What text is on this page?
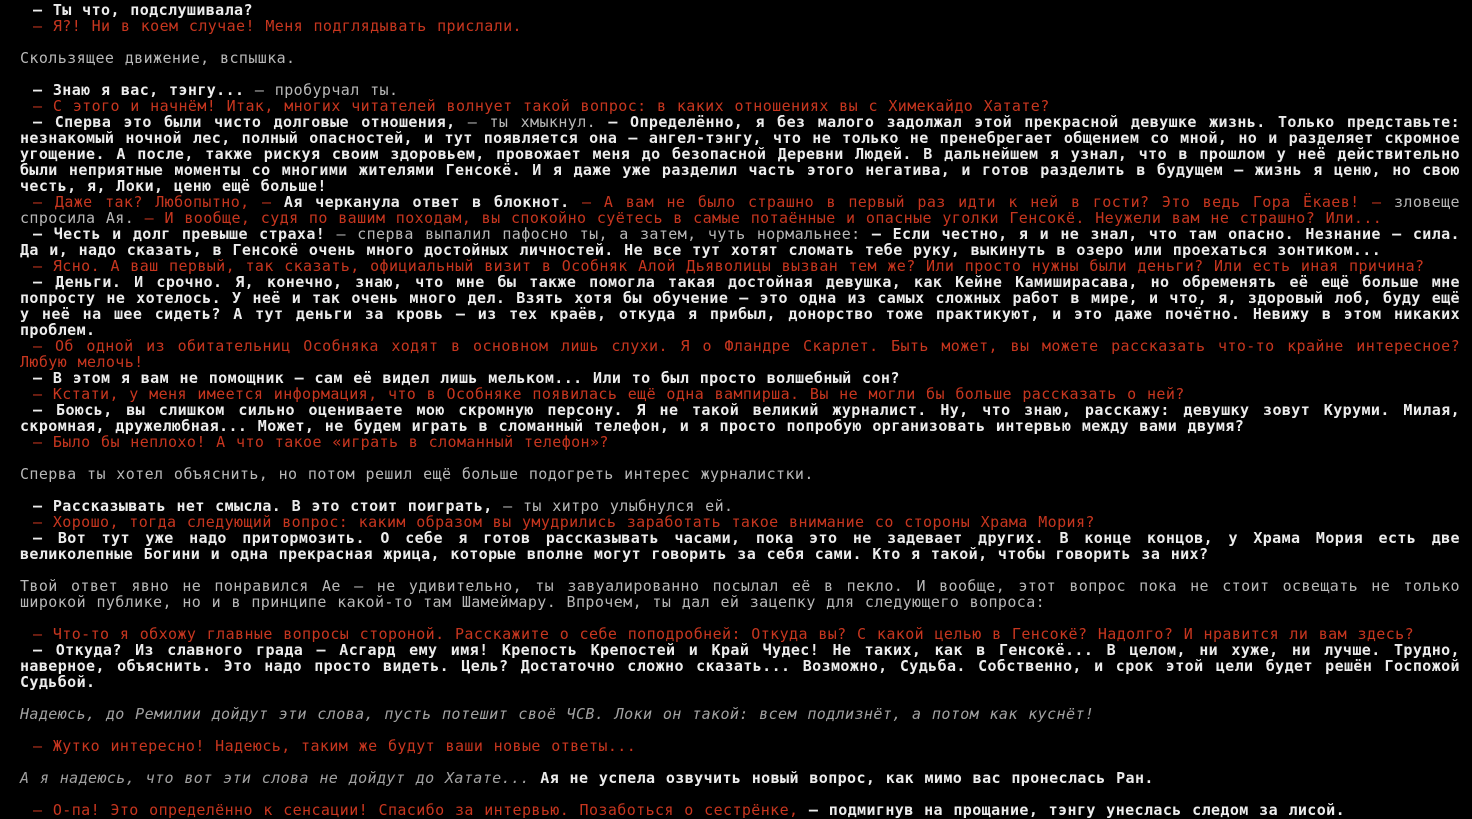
— Ты что, подслушивала?

— Я?! Ни в коем случае! Меня подглядывать прислали.

Скользящее движение, вспышка.

— Знаю я вас, тэнгу... — пробурчал ты.

— С этого и начнём! Итак, многих читателей волнует такой вопрос: в каких отношениях вы с Химекайдо Хатате?

— Сперва это были чисто долговые отношения, — ты хмыкнул. — Определённо, я без малого задолжал этой прекрасной девушке жизнь. Только представьте: незнакомый ночной лес, полный опасностей, и тут появляется она — ангел-тэнгу, что не только не пренебрегает общением со мной, но и разделяет скромное угощение. А после, также рискуя своим здоровьем, провожает меня до безопасной Деревни Людей. В дальнейшем я узнал, что в прошлом у неё действительно были неприятные моменты со многими жителями Генсокё. И я даже уже разделил часть этого негатива, и готов разделить в будущем — жизнь я ценю, но свою честь, я, Локи, ценю ещё больше!

— Даже так? Любопытно, — Ая черканула ответ в блокнот. — А вам не было страшно в первый раз идти к ней в гости? Это ведь Гора Ёкаев! — зловеще спросила Ая. — И вообще, судя по вашим походам, вы спокойно суётесь в самые потаённые и опасные уголки Генсокё. Неужели вам не страшно? Или...

— Честь и долг превыше страха! — сперва выпалил пафосно ты, а затем, чуть нормальнее: — Если честно, я и не знал, что там опасно. Незнание — сила. Да и, надо сказать, в Генсокё очень много достойных личностей. Не все тут хотят сломать тебе руку, выкинуть в озеро или проехаться зонтиком...

— Ясно. А ваш первый, так сказать, официальный визит в Особняк Алой Дьяволицы вызван тем же? Или просто нужны были деньги? Или есть иная причина?

— Деньги. И срочно. Я, конечно, знаю, что мне бы также помогла такая достойная девушка, как Кейне Камиширасава, но обременять её ещё больше мне попросту не хотелось. У неё и так очень много дел. Взять хотя бы обучение — это одна из самых сложных работ в мире, и что, я, здоровый лоб, буду ещё у неё на шее сидеть? А тут деньги за кровь — из тех краёв, откуда я прибыл, донорство тоже практикуют, и это даже почётно. Невижу в этом никаких проблем.

— Об одной из обитательниц Особняка ходят в основном лишь слухи. Я о Фландре Скарлет. Быть может, вы можете рассказать что-то крайне интересное? Любую мелочь!

— В этом я вам не помощник — сам её видел лишь мельком... Или то был просто волшебный сон?

— Кстати, у меня имеется информация, что в Особняке появилась ещё одна вампирша. Вы не могли бы больше рассказать о ней?

— Боюсь, вы слишком сильно оцениваете мою скромную персону. Я не такой великий журналист. Ну, что знаю, расскажу: девушку зовут Куруми. Милая, скромная, дружелюбная... Может, не будем играть в сломанный телефон, и я просто попробую организовать интервью между вами двумя?

— Было бы неплохо! А что такое «играть в сломанный телефон»?

Сперва ты хотел объяснить, но потом решил ещё больше подогреть интерес журналистки.

— Рассказывать нет смысла. В это стоит поиграть, — ты хитро улыбнулся ей.

— Хорошо, тогда следующий вопрос: каким образом вы умудрились заработать такое внимание со стороны Храма Мория?

— Вот тут уже надо притормозить. О себе я готов рассказывать часами, пока это не задевает других. В конце концов, у Храма Мория есть две великолепные Богини и одна прекрасная жрица, которые вполне могут говорить за себя сами. Кто я такой, чтобы говорить за них?

Твой ответ явно не понравился Ае — не удивительно, ты завуалированно посылал её в пекло. И вообще, этот вопрос пока не стоит освещать не только широкой публике, но и в принципе какой-то там Шамеймару. Впрочем, ты дал ей зацепку для следующего вопроса:

— Что-то я обхожу главные вопросы стороной. Расскажите о себе поподробней: Откуда вы? С какой целью в Генсокё? Надолго? И нравится ли вам здесь?

— Откуда? Из славного града — Асгард ему имя! Крепость Крепостей и Край Чудес! Не таких, как в Генсокё... В целом, ни хуже, ни лучше. Трудно, наверное, объяснить. Это надо просто видеть. Цель? Достаточно сложно сказать... Возможно, Судьба. Собственно, и срок этой цели будет решён Госпожой Судьбой.

Надеюсь, до Ремилии дойдут эти слова, пусть потешит своё ЧСВ. Локи он такой: всем подлизнёт, а потом как куснёт!

— Жутко интересно! Надеюсь, таким же будут ваши новые ответы...

А я надеюсь, что вот эти слова не дойдут до Хатате... Ая не успела озвучить новый вопрос, как мимо вас пронеслась Ран.

— О-па! Это определённо к сенсации! Спасибо за интервью. Позаботься о сестрёнке, — подмигнув на прощание, тэнгу унеслась следом за лисой.
